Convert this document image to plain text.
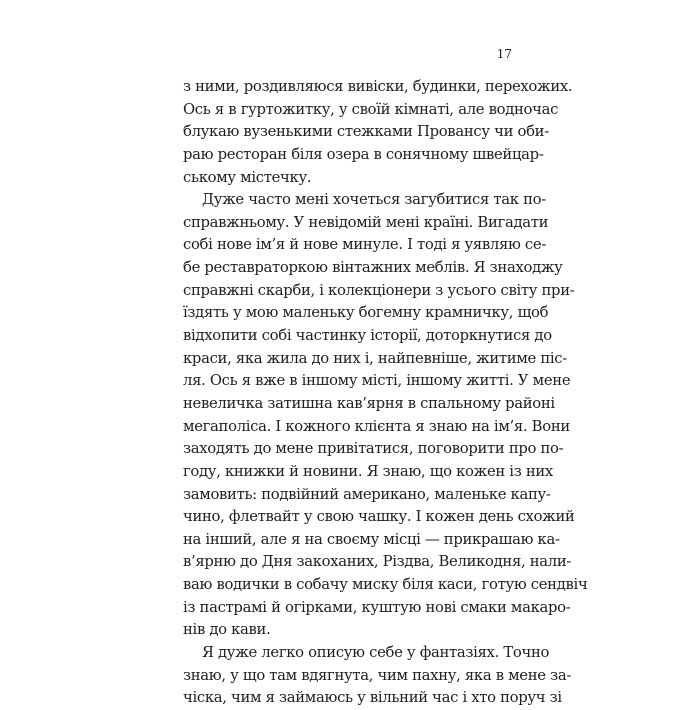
17
з ними, роздивляюся вивіски, будинки, перехожих.
Ось я в гуртожитку, у своїй кімнаті, але водночас
блукаю вузенькими стежками Провансу чи оби-
раю ресторан біля озера в сонячному швейцар-
ському містечку.
Дуже часто мені хочеться загубитися так по-
справжньому. У невідомій мені країні. Вигадати
собі нове ім’я й нове минуле. І тоді я уявляю се-
бе реставраторкою вінтажних меблів. Я знаходжу
справжні скарби, і колекціонери з усього світу при-
їздять у мою маленьку богемну крамничку, щоб
відхопити собі частинку історії, доторкнутися до
краси, яка жила до них і, найпевніше, житиме піс-
ля. Ось я вже в іншому місті, іншому житті. У мене
невеличка затишна кав’ярня в спальному районі
мегаполіса. І кожного клієнта я знаю на ім’я. Вони
заходять до мене привітатися, поговорити про по-
году, книжки й новини. Я знаю, що кожен із них
замовить: подвійний американо, маленьке капу-
чино, флетвайт у свою чашку. І кожен день схожий
на інший, але я на своєму місці — прикрашаю ка-
в’ярню до Дня закоханих, Різдва, Великодня, нали-
ваю водички в собачу миску біля каси, готую сендвіч
із пастрамі й огірками, куштую нові смаки макаро-
нів до кави.
Я дуже легко описую себе у фантазіях. Точно
знаю, у що там вдягнута, чим пахну, яка в мене за-
чіска, чим я займаюсь у вільний час і хто поруч зі
